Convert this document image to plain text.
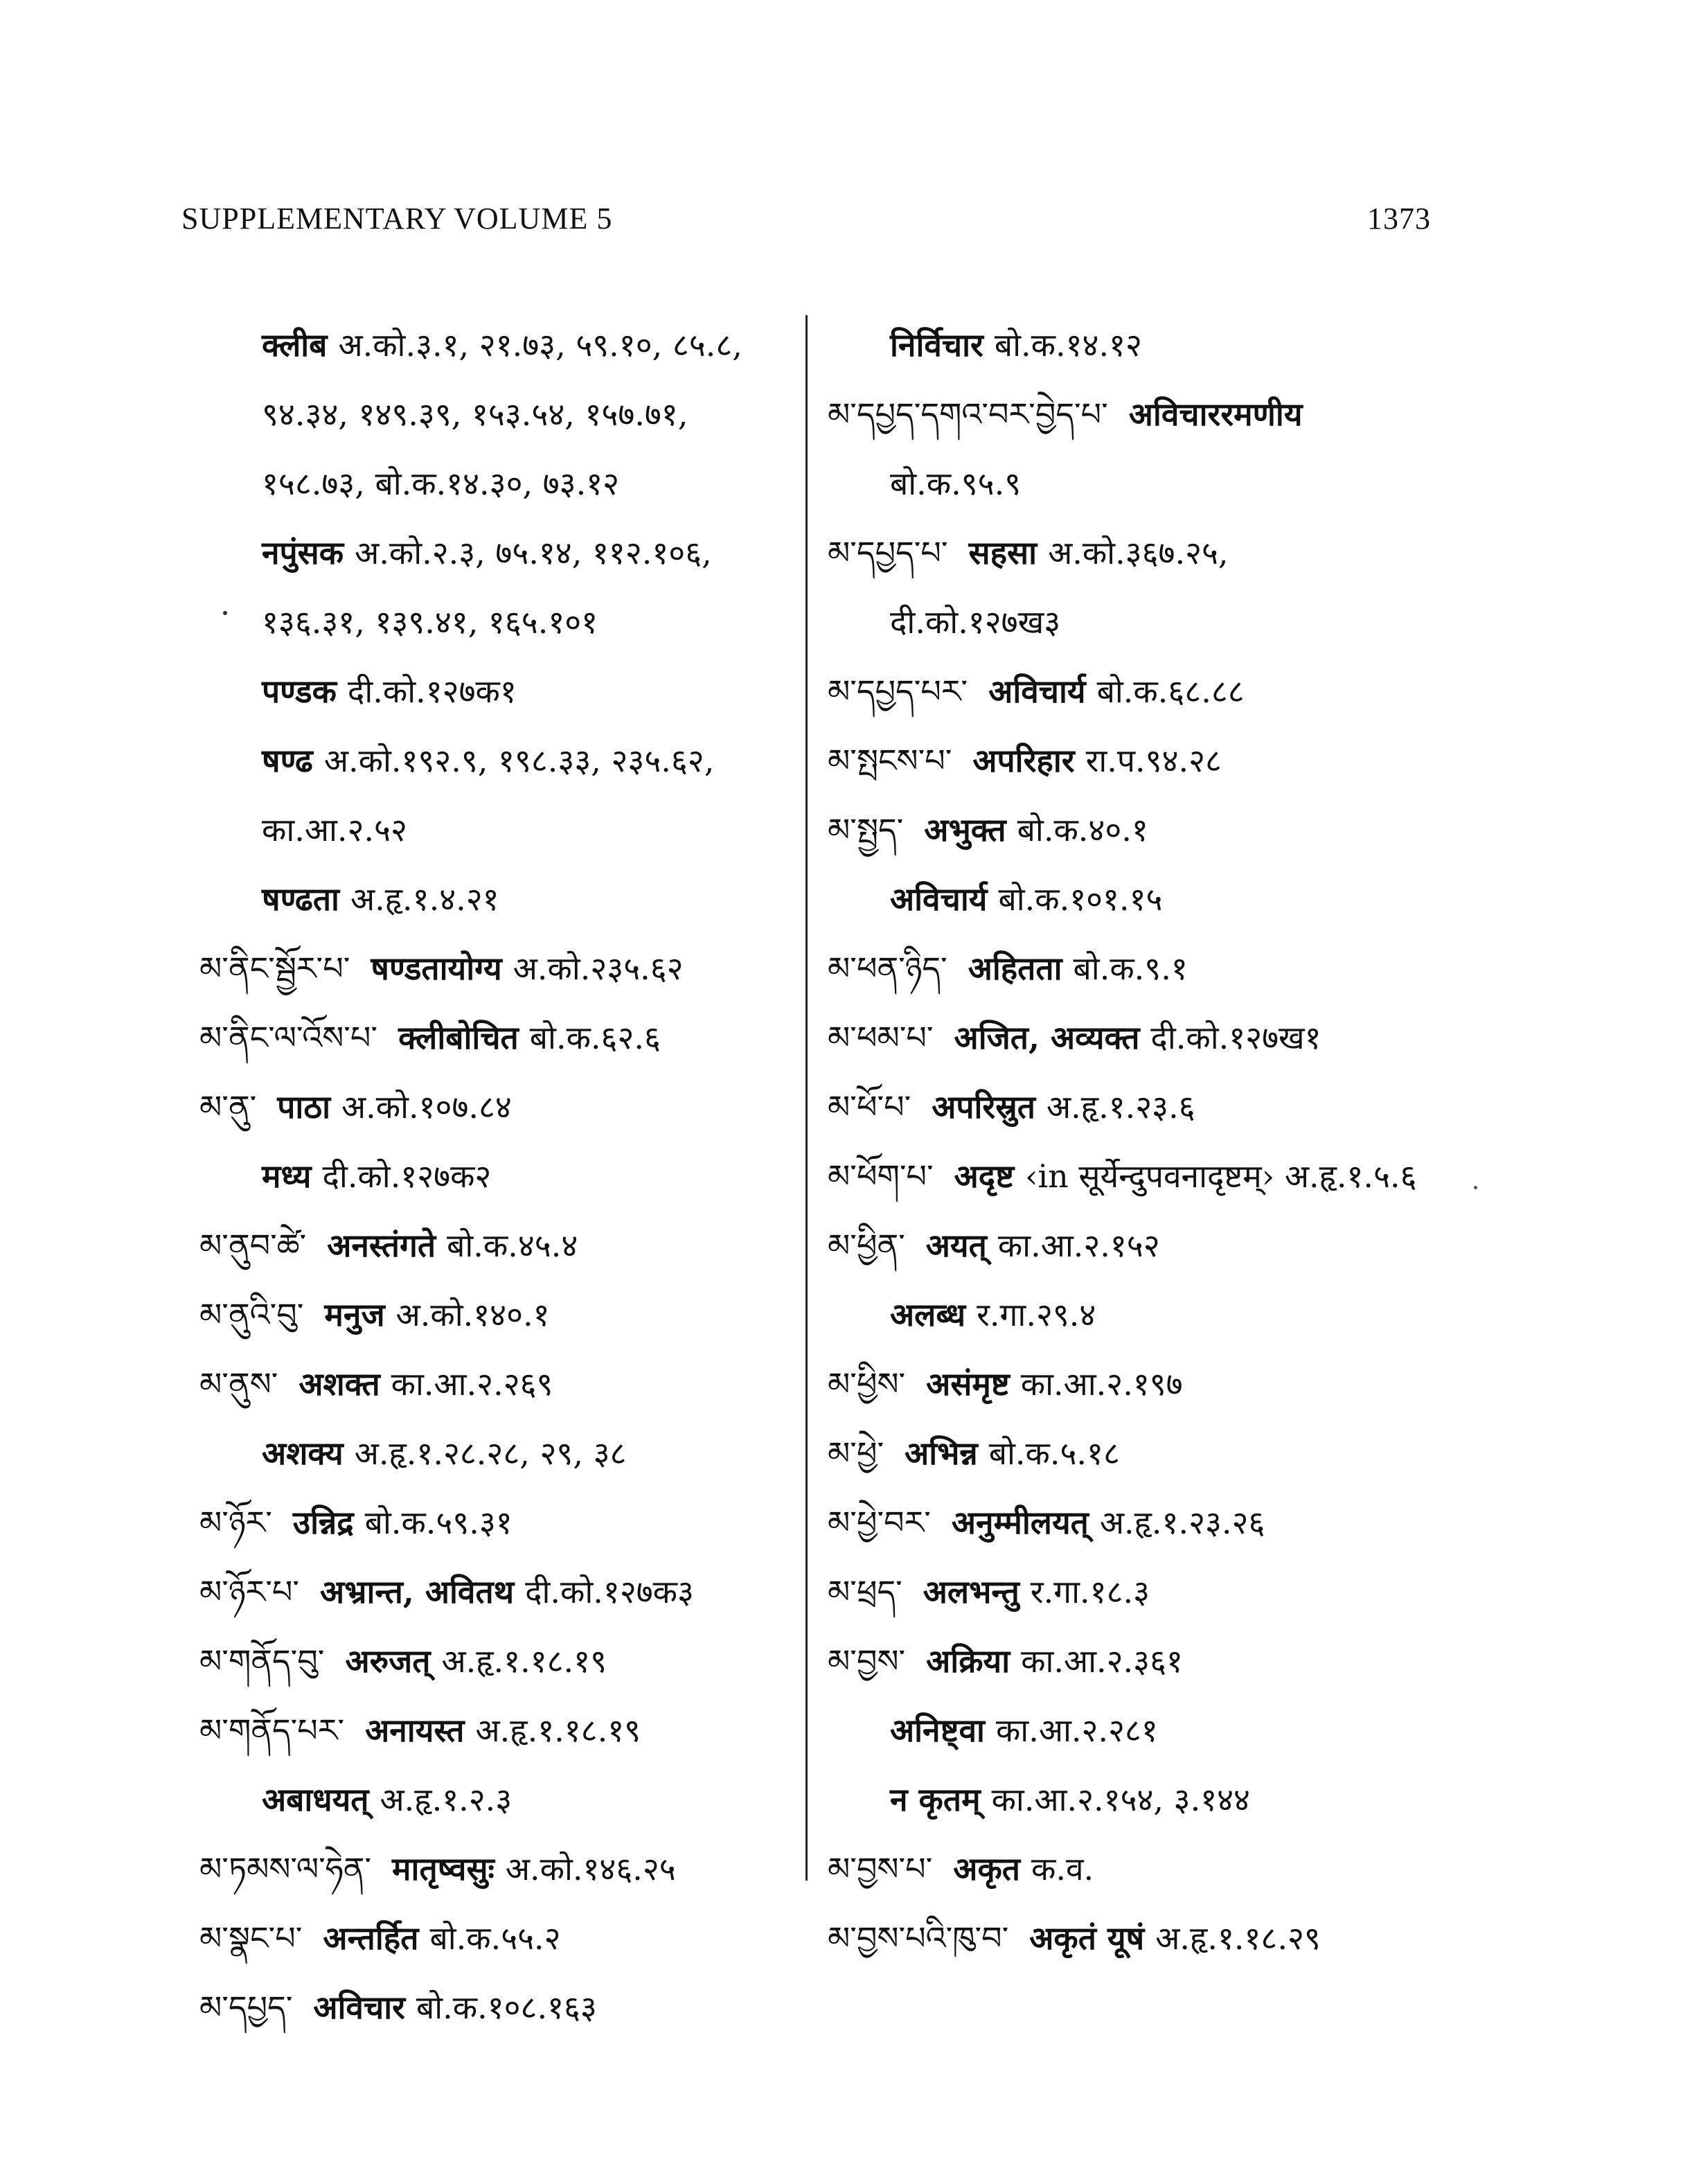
SUPPLEMENTARY VOLUME 5	1373
क्लीब अ.को.३.१, २१.७३, ५९.१०, ८५.८,
९४.३४, १४९.३९, १५३.५४, १५७.७१,
१५८.७३, बो.क.१४.३०, ७३.१२
नपुंसक अ.को.२.३, ७५.१४, ११२.१०६,
१३६.३१, १३९.४१, १६५.१०१
पण्डक दी.को.१२७क१
षण्ढ अ.को.१९२.९, १९८.३३, २३५.६२,
का.आ.२.५२
षण्ढता अ.हृ.१.४.२१
མ་ནིང་སྦྱོར་པ་ षण्डतायोग्य अ.को.२३५.६२
མ་ནིང་ལ་འོས་པ་ क्लीबोचित बो.क.६२.६
མ་ནུ་ पाठा अ.को.१०७.८४
मध्य दी.को.१२७क२
མ་ནུབ་ཚེ་ अनस्तंगते बो.क.४५.४
མ་ནུའི་བུ་ मनुज अ.को.१४०.१
མ་ནུས་ अशक्त का.आ.२.२६९
अशक्य अ.हृ.१.२८.२८, २९, ३८
མ་ཉོར་ उन्निद्र बो.क.५९.३१
མ་ཉོར་པ་ अभ्रान्त, अवितथ दी.को.१२७क३
མ་གནོད་བུ་ अरुजत् अ.हृ.१.१८.१९
མ་གནོད་པར་ अनायस्त अ.हृ.१.१८.१९
अबाधयत् अ.हृ.१.२.३
མ་ཏམས་ལ་ཧེན་ मातृष्वसुः अ.को.१४६.२५
མ་སྣང་པ་ अन्तर्हित बो.क.५५.२
མ་དཔྱད་ अविचार बो.क.१०८.१६३
निर्विचार बो.क.१४.१२
མ་དཔྱད་དགའ་བར་བྱེད་པ་ अविचाररमणीय
बो.क.९५.९
མ་དཔྱད་པ་ सहसा अ.को.३६७.२५,
दी.को.१२७ख३
མ་དཔྱད་པར་ अविचार्य बो.क.६८.८८
མ་སྤངས་པ་ अपरिहार रा.प.९४.२८
མ་སྤྱད་ अभुक्त बो.क.४०.१
अविचार्य बो.क.१०१.१५
མ་ཕན་ཉིད་ अहितता बो.क.९.१
མ་ཕམ་པ་ अजित, अव्यक्त दी.को.१२७ख१
མ་ཕོ་པ་ अपरिस्रुत अ.हृ.१.२३.६
མ་ཕོག་པ་ अदृष्ट ‹in सूर्येन्दुपवनादृष्टम्› अ.हृ.१.५.६
མ་ཕྱིན་ अयत् का.आ.२.१५२
अलब्ध र.गा.२९.४
མ་ཕྱིས་ असंमृष्ट का.आ.२.१९७
མ་ཕྱེ་ अभिन्न बो.क.५.१८
མ་ཕྱེ་བར་ अनुम्मीलयत् अ.हृ.१.२३.२६
མ་ཕྲད་ अलभन्तु र.गा.१८.३
མ་བྱས་ अक्रिया का.आ.२.३६१
अनिष्ट्वा का.आ.२.२८१
न कृतम् का.आ.२.१५४, ३.१४४
མ་བྱས་པ་ अकृत क.व.
མ་བྱས་པའི་ཁུ་བ་ अकृतं यूषं अ.हृ.१.१८.२९
